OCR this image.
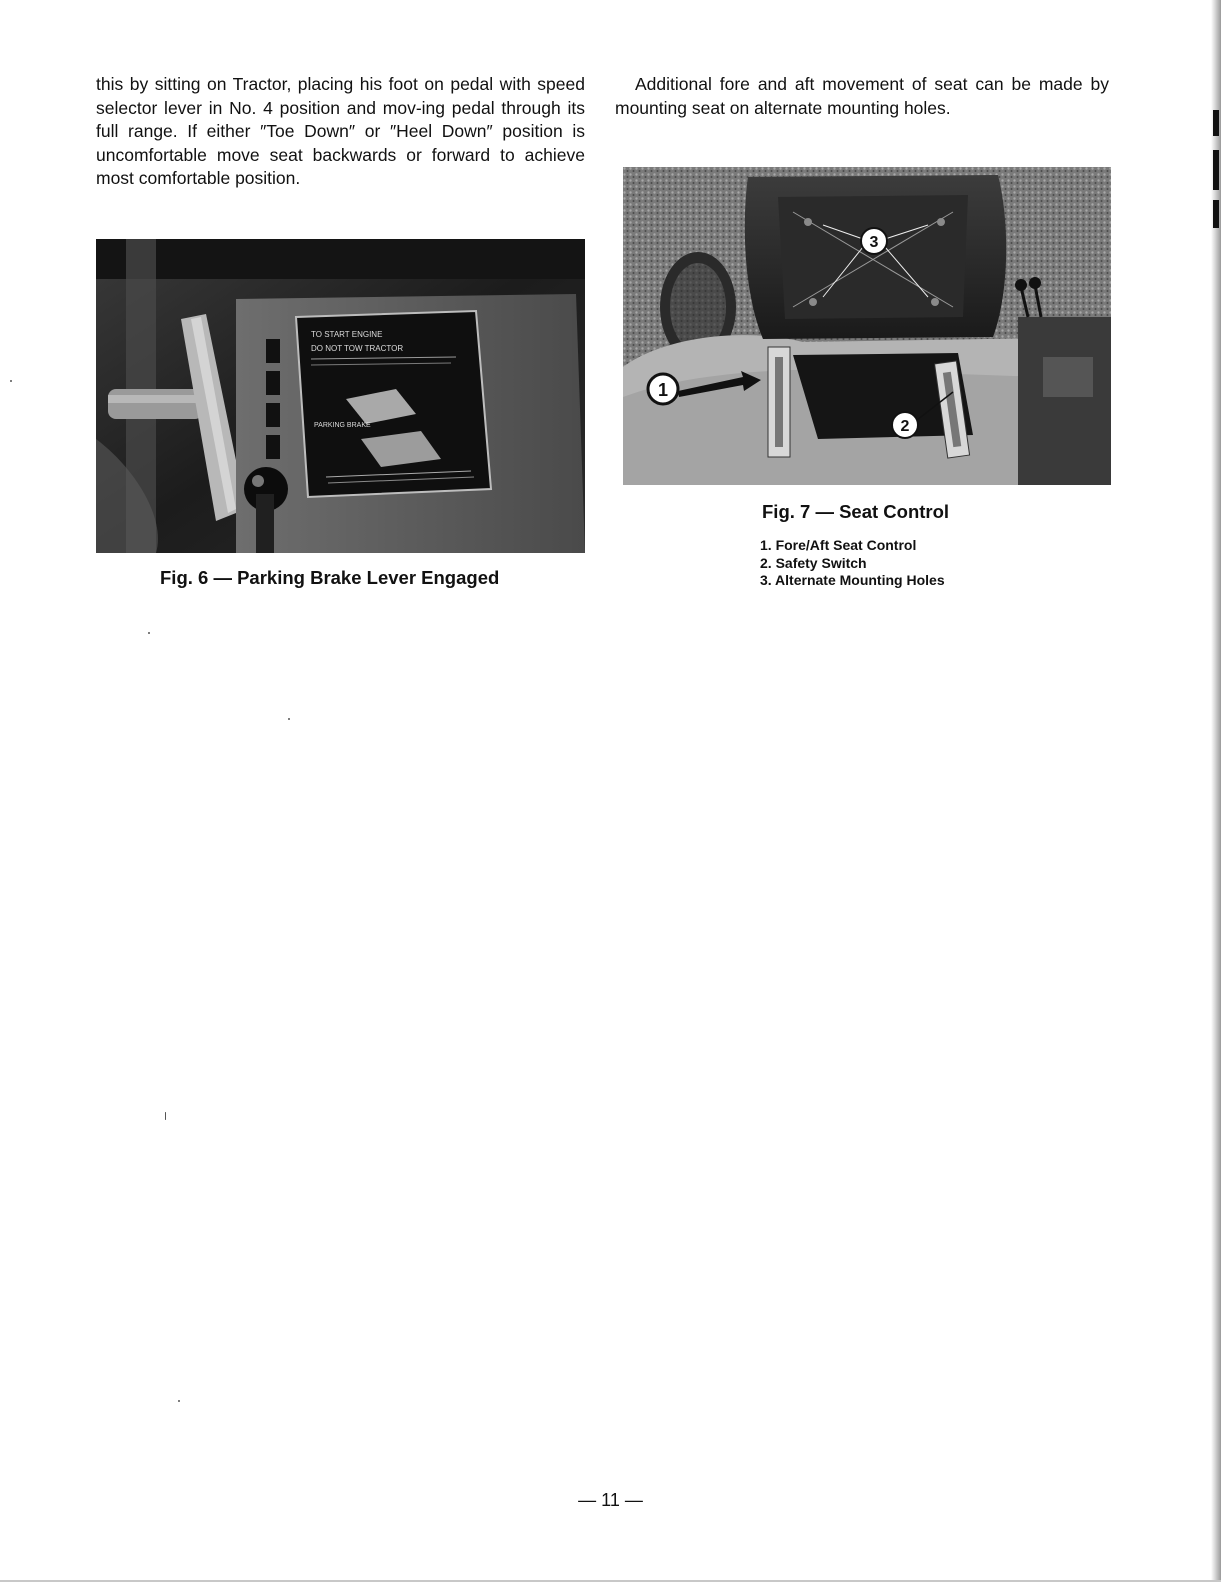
this by sitting on Tractor, placing his foot on pedal with speed selector lever in No. 4 position and mov-ing pedal through its full range. If either ″Toe Down″ or ″Heel Down″ position is uncomfortable move seat backwards or forward to achieve most comfortable position.

Additional fore and aft movement of seat can be made by mounting seat on alternate mounting holes.

TO START ENGINE
DO NOT TOW TRACTOR
PARKING BRAKE

Fig. 6 — Parking Brake Lever Engaged

1
2
3

Fig. 7 — Seat Control

1. Fore/Aft Seat Control
2. Safety Switch
3. Alternate Mounting Holes
— 11 —
